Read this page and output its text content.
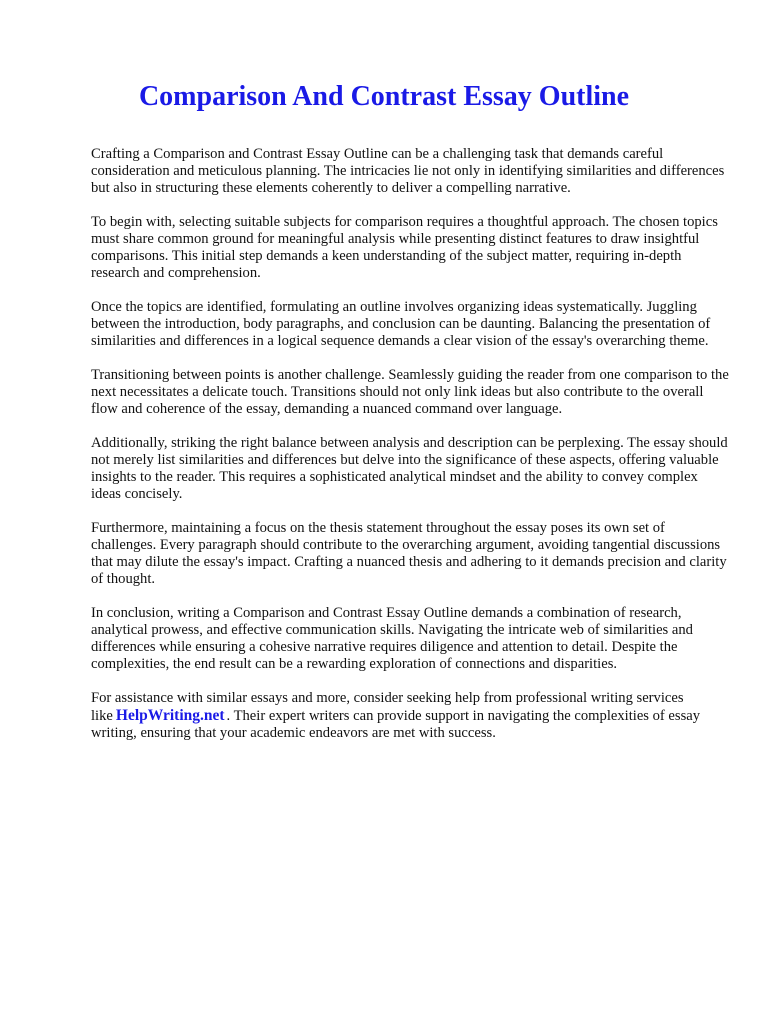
Comparison And Contrast Essay Outline

Crafting a Comparison and Contrast Essay Outline can be a challenging task that demands careful consideration and meticulous planning. The intricacies lie not only in identifying similarities and differences but also in structuring these elements coherently to deliver a compelling narrative.

To begin with, selecting suitable subjects for comparison requires a thoughtful approach. The chosen topics must share common ground for meaningful analysis while presenting distinct features to draw insightful comparisons. This initial step demands a keen understanding of the subject matter, requiring in-depth research and comprehension.

Once the topics are identified, formulating an outline involves organizing ideas systematically. Juggling between the introduction, body paragraphs, and conclusion can be daunting. Balancing the presentation of similarities and differences in a logical sequence demands a clear vision of the essay's overarching theme.

Transitioning between points is another challenge. Seamlessly guiding the reader from one comparison to the next necessitates a delicate touch. Transitions should not only link ideas but also contribute to the overall flow and coherence of the essay, demanding a nuanced command over language.

Additionally, striking the right balance between analysis and description can be perplexing. The essay should not merely list similarities and differences but delve into the significance of these aspects, offering valuable insights to the reader. This requires a sophisticated analytical mindset and the ability to convey complex ideas concisely.

Furthermore, maintaining a focus on the thesis statement throughout the essay poses its own set of challenges. Every paragraph should contribute to the overarching argument, avoiding tangential discussions that may dilute the essay's impact. Crafting a nuanced thesis and adhering to it demands precision and clarity of thought.

In conclusion, writing a Comparison and Contrast Essay Outline demands a combination of research, analytical prowess, and effective communication skills. Navigating the intricate web of similarities and differences while ensuring a cohesive narrative requires diligence and attention to detail. Despite the complexities, the end result can be a rewarding exploration of connections and disparities.

For assistance with similar essays and more, consider seeking help from professional writing services like HelpWriting.net . Their expert writers can provide support in navigating the complexities of essay writing, ensuring that your academic endeavors are met with success.
